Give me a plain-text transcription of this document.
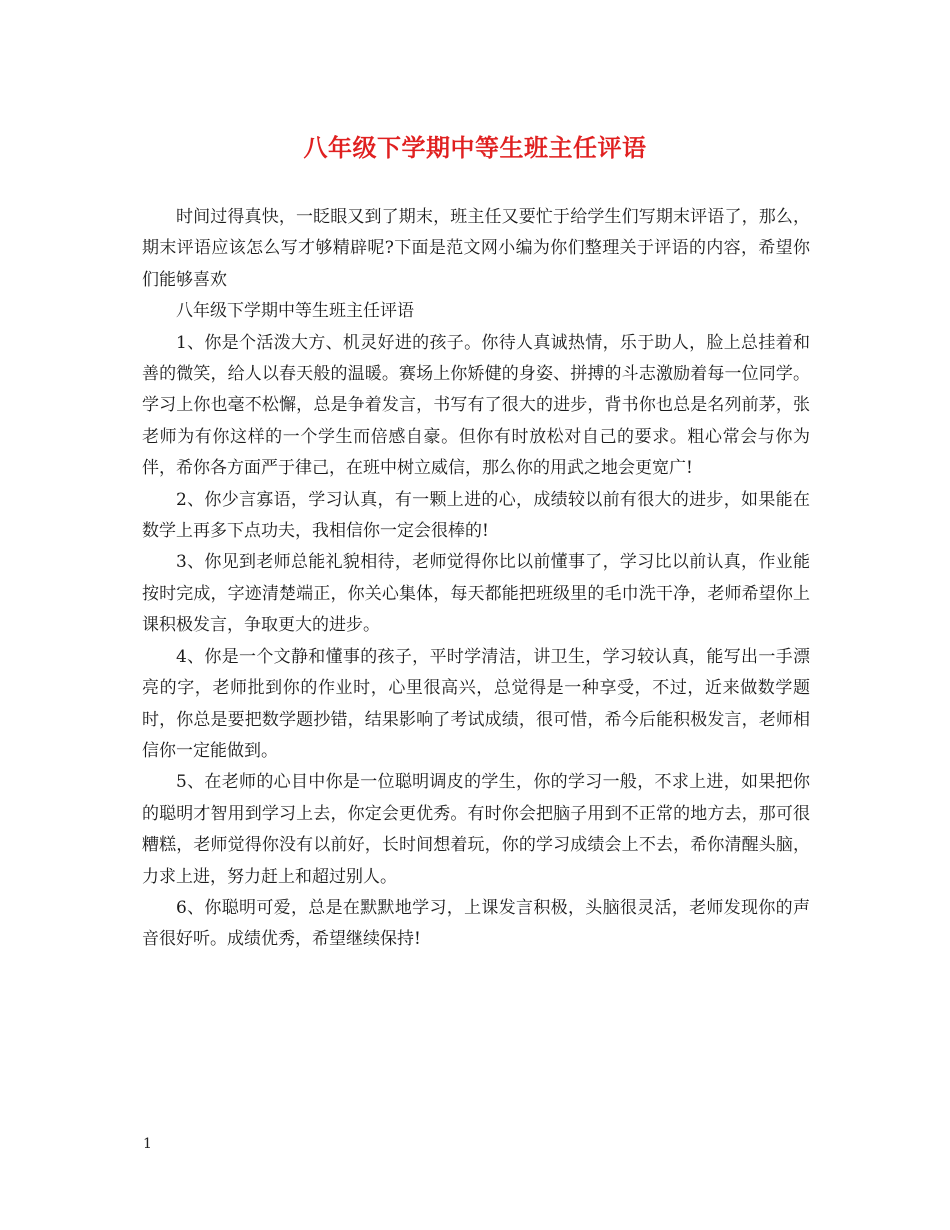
八年级下学期中等生班主任评语

时间过得真快，一眨眼又到了期末，班主任又要忙于给学生们写期末评语了，那么，期末评语应该怎么写才够精辟呢?下面是范文网小编为你们整理关于评语的内容，希望你们能够喜欢

八年级下学期中等生班主任评语

1、你是个活泼大方、机灵好进的孩子。你待人真诚热情，乐于助人，脸上总挂着和善的微笑，给人以春天般的温暖。赛场上你矫健的身姿、拼搏的斗志激励着每一位同学。学习上你也毫不松懈，总是争着发言，书写有了很大的进步，背书你也总是名列前茅，张老师为有你这样的一个学生而倍感自豪。但你有时放松对自己的要求。粗心常会与你为伴，希你各方面严于律己，在班中树立威信，那么你的用武之地会更宽广!

2、你少言寡语，学习认真，有一颗上进的心，成绩较以前有很大的进步，如果能在数学上再多下点功夫，我相信你一定会很棒的!

3、你见到老师总能礼貌相待，老师觉得你比以前懂事了，学习比以前认真，作业能按时完成，字迹清楚端正，你关心集体，每天都能把班级里的毛巾洗干净，老师希望你上课积极发言，争取更大的进步。

4、你是一个文静和懂事的孩子，平时学清洁，讲卫生，学习较认真，能写出一手漂亮的字，老师批到你的作业时，心里很高兴，总觉得是一种享受，不过，近来做数学题时，你总是要把数学题抄错，结果影响了考试成绩，很可惜，希今后能积极发言，老师相信你一定能做到。

5、在老师的心目中你是一位聪明调皮的学生，你的学习一般，不求上进，如果把你的聪明才智用到学习上去，你定会更优秀。有时你会把脑子用到不正常的地方去，那可很糟糕，老师觉得你没有以前好，长时间想着玩，你的学习成绩会上不去，希你清醒头脑，力求上进，努力赶上和超过别人。

6、你聪明可爱，总是在默默地学习，上课发言积极，头脑很灵活，老师发现你的声音很好听。成绩优秀，希望继续保持!

1
